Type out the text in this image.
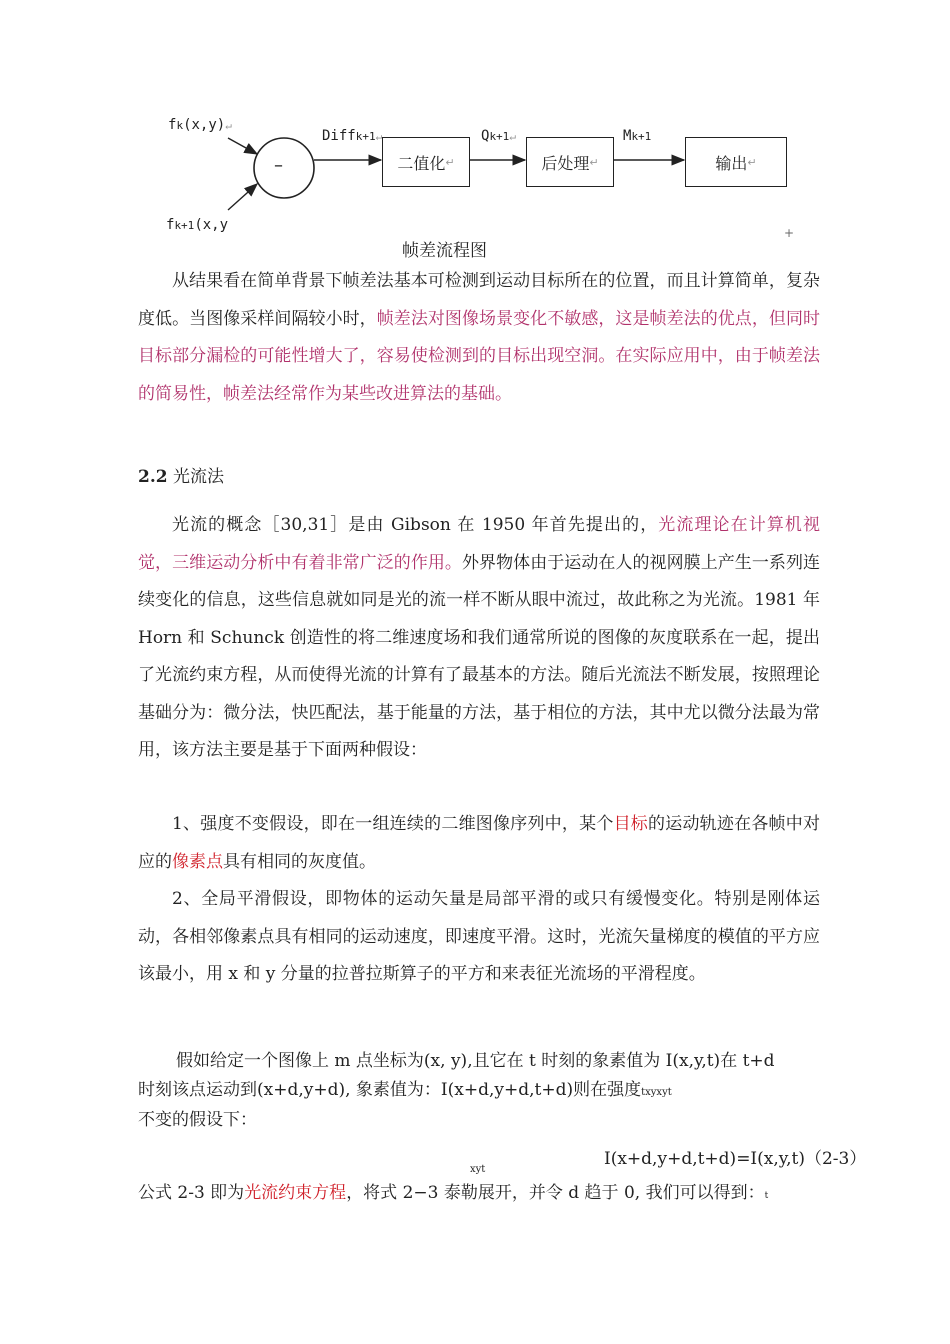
fk(x,y)↵
fk+1(x,y
–
Diffk+1↵
二值化 ↵
Qk+1↵
后处理 ↵
Mk+1
输出 ↵
+
帧差流程图

从结果看在简单背景下帧差法基本可检测到运动目标所在的位置，而且计算简单，复杂度低。当图像采样间隔较小时，帧差法对图像场景变化不敏感，这是帧差法的优点，但同时目标部分漏检的可能性增大了，容易使检测到的目标出现空洞。在实际应用中，由于帧差法的简易性，帧差法经常作为某些改进算法的基础。

2.2 光流法

光流的概念［30,31］是由 Gibson 在 1950 年首先提出的，光流理论在计算机视觉，三维运动分析中有着非常广泛的作用。外界物体由于运动在人的视网膜上产生一系列连续变化的信息，这些信息就如同是光的流一样不断从眼中流过，故此称之为光流。1981 年 Horn 和 Schunck 创造性的将二维速度场和我们通常所说的图像的灰度联系在一起，提出了光流约束方程，从而使得光流的计算有了最基本的方法。随后光流法不断发展，按照理论基础分为：微分法，快匹配法，基于能量的方法，基于相位的方法，其中尤以微分法最为常用，该方法主要是基于下面两种假设：

1、强度不变假设，即在一组连续的二维图像序列中，某个目标的运动轨迹在各帧中对应的像素点具有相同的灰度值。

2、全局平滑假设，即物体的运动矢量是局部平滑的或只有缓慢变化。特别是刚体运动，各相邻像素点具有相同的运动速度，即速度平滑。这时，光流矢量梯度的模值的平方应该最小，用 x 和 y 分量的拉普拉斯算子的平方和来表征光流场的平滑程度。

假如给定一个图像上 m 点坐标为(x, y),且它在 t 时刻的象素值为 I(x,y,t)在 t+d
时刻该点运动到(x+d,y+d), 象素值为：I(x+d,y+d,t+d)则在强度txyxyt
不变的假设下：
I(x+d,y+d,t+d)=I(x,y,t)（2-3）
xyt
公式 2-3 即为光流约束方程，将式 2−3 泰勒展开，并令 d 趋于 0, 我们可以得到：t
